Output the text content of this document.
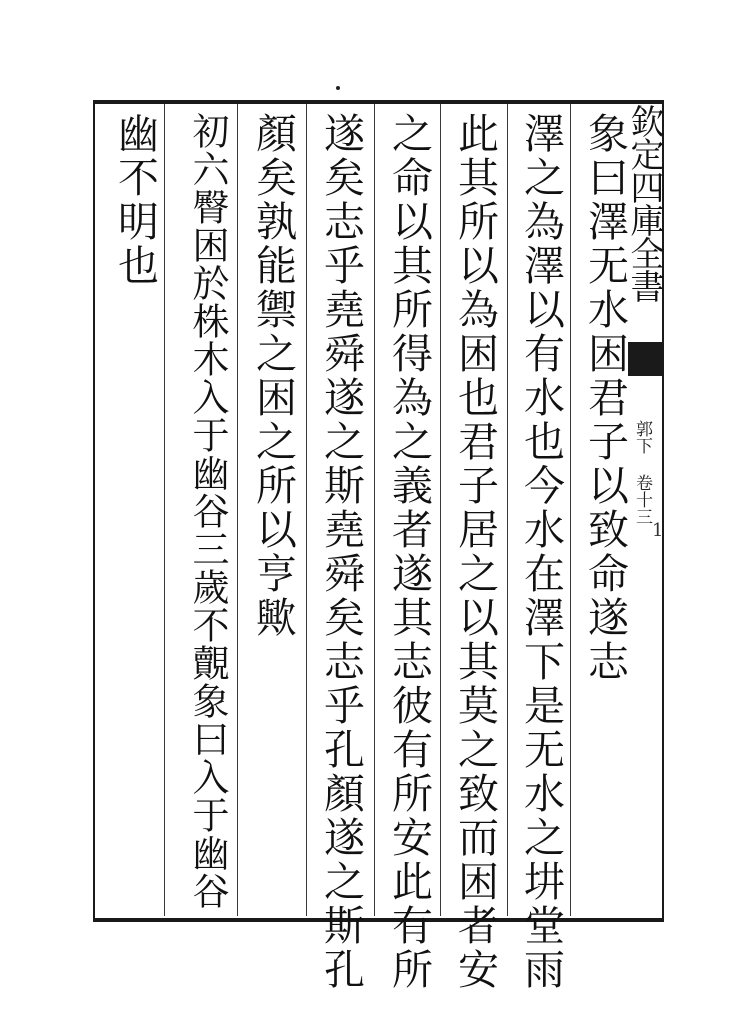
欽定四庫全書
郭下 卷十三
1
象曰澤无水困君子以致命遂志
澤之為澤以有水也今水在澤下是无水之㘫堂雨
此其所以為困也君子居之以其莫之致而困者安
之命以其所得為之義者遂其志彼有所安此有所
遂矣志乎堯舜遂之斯堯舜矣志乎孔顏遂之斯孔
顏矣孰能禦之困之所以亨歟
初六臀困於株木入于幽谷三歲不覿象曰入于幽谷
幽不明也
